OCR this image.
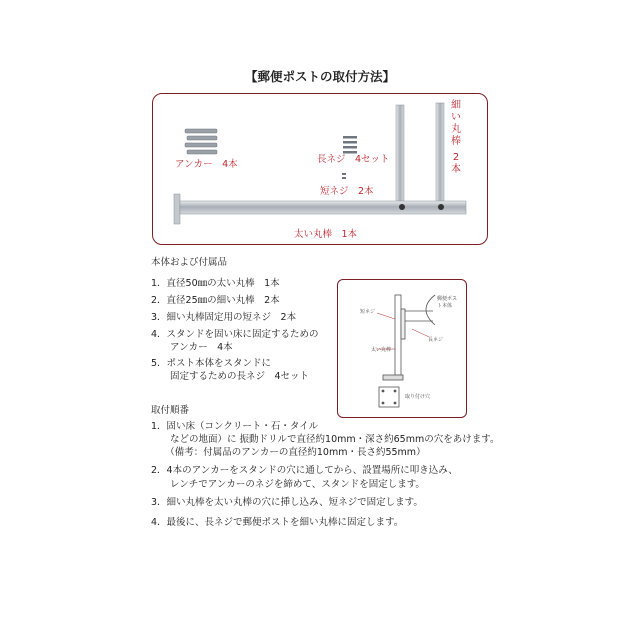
【郵便ポストの取付方法】
アンカー　4本	長ネジ　4セット
短ネジ　2本
細い丸棒
2本
太い丸棒　1本
本体および付属品
1．直径50㎜の太い丸棒　1本
2．直径25㎜の細い丸棒　2本
3．細い丸棒固定用の短ネジ　2本
4．スタンドを固い床に固定するための
　　アンカー　4本
5．ポスト本体をスタンドに
　　固定するための長ネジ　4セット
短ネジ
郵便ポスト本体
長ネジ
太い丸棒
取り付け穴
取付順番
1．固い床（コンクリート・石・タイル
　　などの地面）に 振動ドリルで直径約10mm・深さ約65mmの穴をあけます。
　　（備考：付属品のアンカーの直径約10mm・長さ約55mm）
2．4本のアンカーをスタンドの穴に通してから、設置場所に叩き込み、
　　レンチでアンカーのネジを締めて、スタンドを固定します。
3．細い丸棒を太い丸棒の穴に挿し込み、短ネジで固定します。
4．最後に、長ネジで郵便ポストを細い丸棒に固定します。
